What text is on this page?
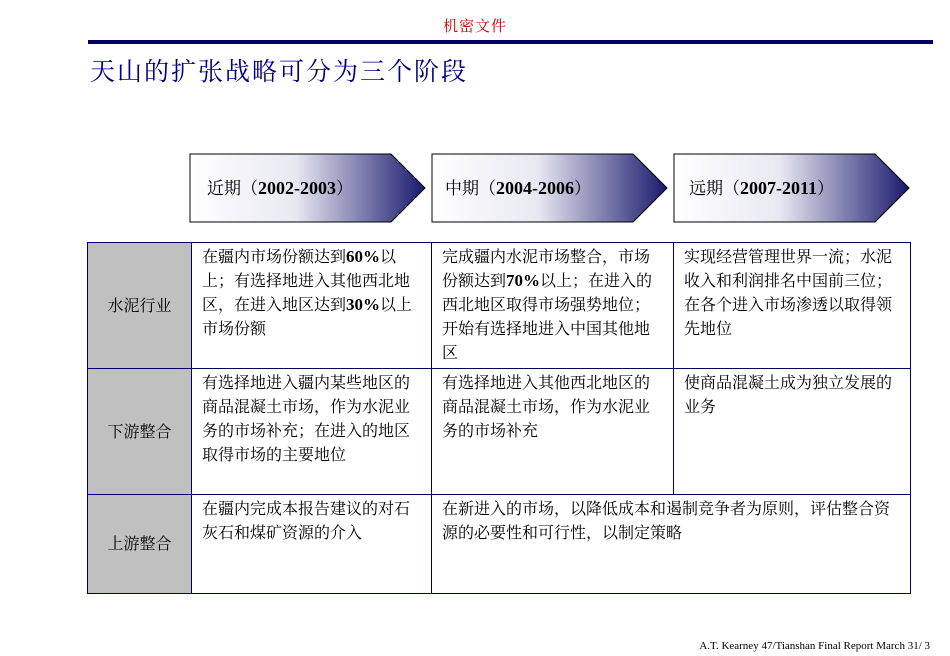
机密文件
天山的扩张战略可分为三个阶段
近期（2002-2003）	中期（2004-2006）	远期（2007-2011）
水泥行业	在疆内市场份额达到60%以上；有选择地进入其他西北地区，在进入地区达到30%以上市场份额	完成疆内水泥市场整合，市场份额达到70%以上；在进入的西北地区取得市场强势地位；开始有选择地进入中国其他地区	实现经营管理世界一流；水泥收入和利润排名中国前三位；在各个进入市场渗透以取得领先地位
下游整合	有选择地进入疆内某些地区的商品混凝土市场，作为水泥业务的市场补充；在进入的地区取得市场的主要地位	有选择地进入其他西北地区的商品混凝土市场，作为水泥业务的市场补充	使商品混凝土成为独立发展的业务
上游整合	在疆内完成本报告建议的对石灰石和煤矿资源的介入	在新进入的市场，以降低成本和遏制竞争者为原则，评估整合资源的必要性和可行性，以制定策略	
A.T. Kearney 47/Tianshan Final Report March 31/ 3
